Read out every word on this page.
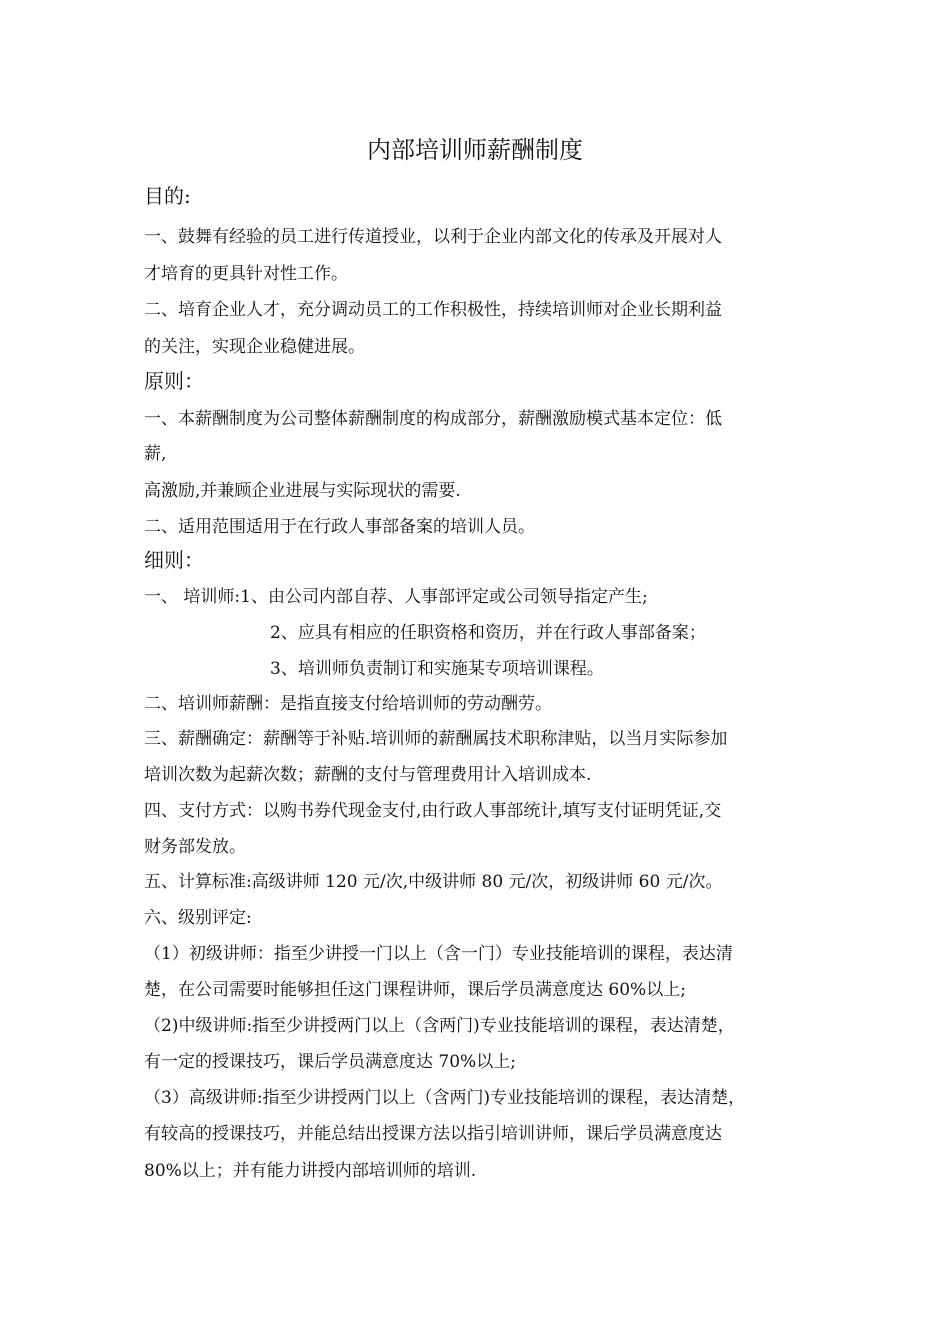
内部培训师薪酬制度
目的:
一、鼓舞有经验的员工进行传道授业，以利于企业内部文化的传承及开展对人
才培育的更具针对性工作。
二、培育企业人才，充分调动员工的工作积极性，持续培训师对企业长期利益
的关注，实现企业稳健进展。
原则：
一、本薪酬制度为公司整体薪酬制度的构成部分，薪酬激励模式基本定位：低
薪,
高激励,并兼顾企业进展与实际现状的需要.
二、适用范围适用于在行政人事部备案的培训人员。
细则：
一、 培训师:1、由公司内部自荐、人事部评定或公司领导指定产生;
2、应具有相应的任职资格和资历，并在行政人事部备案；
3、培训师负责制订和实施某专项培训课程。
二、培训师薪酬：是指直接支付给培训师的劳动酬劳。
三、薪酬确定：薪酬等于补贴.培训师的薪酬属技术职称津贴，以当月实际参加
培训次数为起薪次数；薪酬的支付与管理费用计入培训成本.
四、支付方式：以购书券代现金支付,由行政人事部统计,填写支付证明凭证,交
财务部发放。
五、计算标准:高级讲师 120 元/次,中级讲师 80 元/次，初级讲师 60 元/次。
六、级别评定:
（1）初级讲师：指至少讲授一门以上（含一门）专业技能培训的课程，表达清
楚，在公司需要时能够担任这门课程讲师，课后学员满意度达 60%以上;
（2)中级讲师:指至少讲授两门以上（含两门)专业技能培训的课程，表达清楚，
有一定的授课技巧，课后学员满意度达 70%以上;
（3）高级讲师:指至少讲授两门以上（含两门)专业技能培训的课程，表达清楚，
有较高的授课技巧，并能总结出授课方法以指引培训讲师，课后学员满意度达
80%以上；并有能力讲授内部培训师的培训.
